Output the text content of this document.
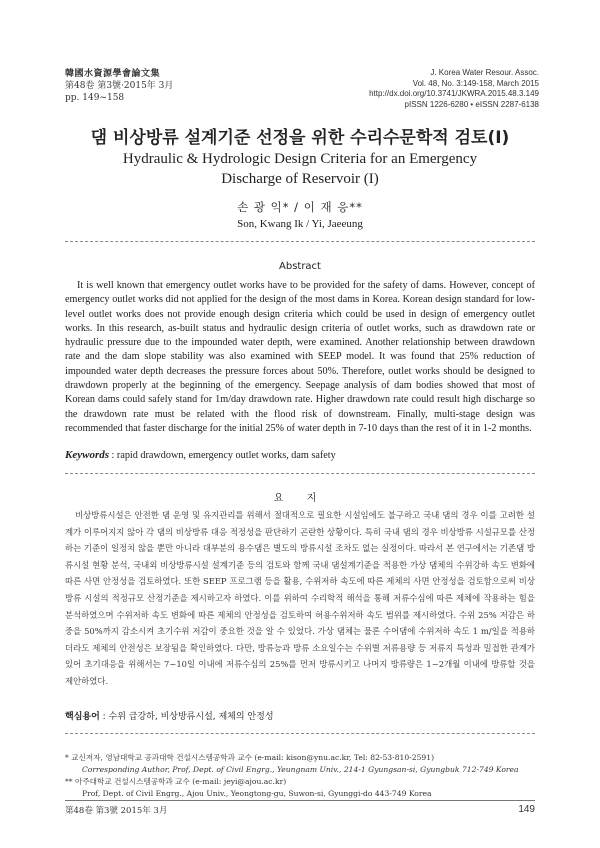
韓國水資源學會論文集
第48卷 第3號·2015年 3月
pp. 149~158
J. Korea Water Resour. Assoc.
Vol. 48, No. 3:149-158, March 2015
http://dx.doi.org/10.3741/JKWRA.2015.48.3.149
pISSN 1226-6280 • eISSN 2287-6138
댐 비상방류 설계기준 선정을 위한 수리수문학적 검토(I)
Hydraulic & Hydrologic Design Criteria for an Emergency
Discharge of Reservoir (I)
손 광 익* / 이 재 응**
Son, Kwang Ik / Yi, Jaeeung
Abstract

It is well known that emergency outlet works have to be provided for the safety of dams. However, concept of emergency outlet works did not applied for the design of the most dams in Korea. Korean design standard for low-level outlet works does not provide enough design criteria which could be used in design of emergency outlet works. In this research, as-built status and hydraulic design criteria of outlet works, such as drawdown rate or hydraulic pressure due to the impounded water depth, were examined. Another relationship between drawdown rate and the dam slope stability was also examined with SEEP model. It was found that 25% reduction of impounded water depth decreases the pressure forces about 50%. Therefore, outlet works should be designed to drawdown properly at the beginning of the emergency. Seepage analysis of dam bodies showed that most of Korean dams could safely stand for 1m/day drawdown rate. Higher drawdown rate could result high discharge so the drawdown rate must be related with the flood risk of downstream. Finally, multi-stage design was recommended that faster discharge for the initial 25% of water depth in 7-10 days than the rest of it in 1-2 months.

Keywords : rapid drawdown, emergency outlet works, dam safety
요 지

비상방류시설은 안전한 댐 운영 및 유지관리를 위해서 절대적으로 필요한 시설임에도 불구하고 국내 댐의 경우 이를 고려한 설계가 이루어지지 않아 각 댐의 비상방류 대응 적정성을 판단하기 곤란한 상황이다. 특히 국내 댐의 경우 비상방류 시설규모를 산정하는 기준이 일정치 않을 뿐만 아니라 대부분의 용수댐은 별도의 방류시설 조차도 없는 실정이다. 따라서 본 연구에서는 기존댐 방류시설 현황 분석, 국내외 비상방류시설 설계기준 등의 검토와 함께 국내 댐설계기준을 적용한 가상 댐체의 수위강하 속도 변화에 따른 사면 안정성을 검토하였다. 또한 SEEP 프로그램 등을 활용, 수위저하 속도에 따른 제체의 사면 안정성을 검토함으로써 비상방류 시설의 적정규모 산정기준을 제시하고자 하였다. 이를 위하여 수리학적 해석을 통해 저류수심에 따른 제체에 작용하는 힘을 분석하였으며 수위저하 속도 변화에 따른 제체의 안정성을 검토하여 허용수위저하 속도 범위를 제시하였다. 수위 25% 저감은 하중을 50%까지 감소시켜 초기수위 저감이 중요한 것을 알 수 있었다. 가상 댐체는 물론 수어댐에 수위저하 속도 1 m/일을 적용하더라도 제체의 안전성은 보장됨을 확인하였다. 다만, 방류능과 방류 소요일수는 수위별 저류용량 등 저류지 특성과 밀접한 관계가 있어 초기대응을 위해서는 7~10일 이내에 저류수심의 25%를 먼저 방류시키고 나머지 방류량은 1~2개월 이내에 방류할 것을 제안하였다.

핵심용어 : 수위 급강하, 비상방류시설, 제체의 안정성
* 교신저자, 영남대학교 공과대학 건설시스템공학과 교수 (e-mail: kison@ynu.ac.kr, Tel: 82-53-810-2591)
Corresponding Author, Prof, Dept. of Civil Engrg., Yeungnam Univ., 214-1 Gyungsan-si, Gyungbuk 712-749 Korea
** 아주대학교 건설시스템공학과 교수 (e-mail: jeyi@ajou.ac.kr)
Prof, Dept. of Civil Engrg., Ajou Univ., Yeongtong-gu, Suwon-si, Gyunggi-do 443-749 Korea
第48卷 第3號 2015年 3月	149
